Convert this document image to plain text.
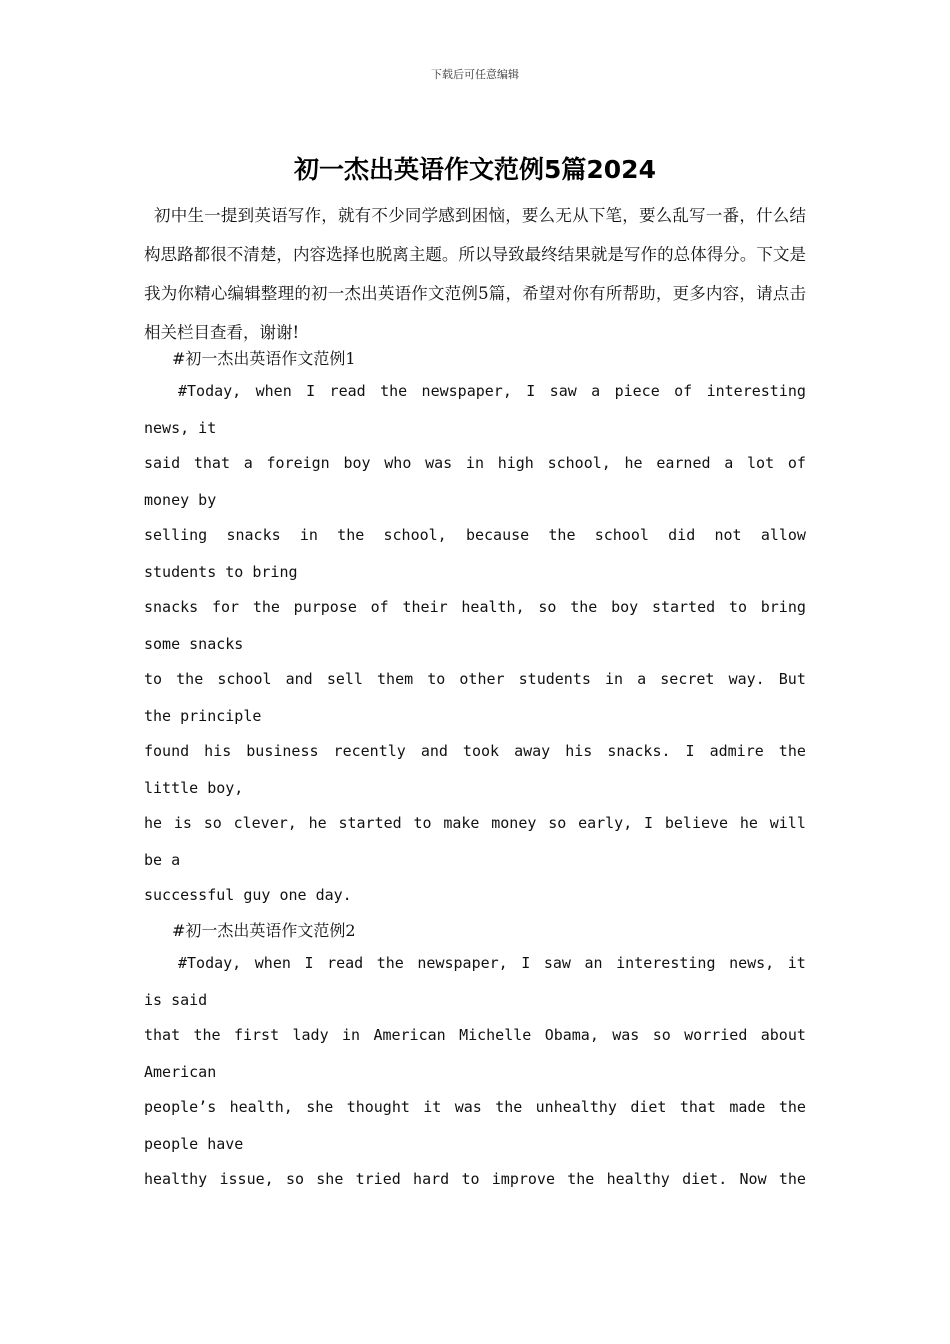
下载后可任意编辑
初一杰出英语作文范例5篇2024

初中生一提到英语写作，就有不少同学感到困恼，要么无从下笔，要么乱写一番，什么结构思路都很不清楚，内容选择也脱离主题。所以导致最终结果就是写作的总体得分。下文是我为你精心编辑整理的初一杰出英语作文范例5篇，希望对你有所帮助，更多内容，请点击相关栏目查看，谢谢!

#初一杰出英语作文范例1

#Today, when I read the newspaper, I saw a piece of interesting

news, it

said that a foreign boy who was in high school, he earned a lot of

money by

selling snacks in the school, because the school did not allow

students to bring

snacks for the purpose of their health, so the boy started to bring

some snacks

to the school and sell them to other students in a secret way. But

the principle

found his business recently and took away his snacks. I admire the

little boy,

he is so clever, he started to make money so early, I believe he will

be a

successful guy one day.

#初一杰出英语作文范例2

#Today, when I read the newspaper, I saw an interesting news, it

is said

that the first lady in American Michelle Obama, was so worried about

American

people’s health, she thought it was the unhealthy diet that made the

people have

healthy issue, so she tried hard to improve the healthy diet. Now the
